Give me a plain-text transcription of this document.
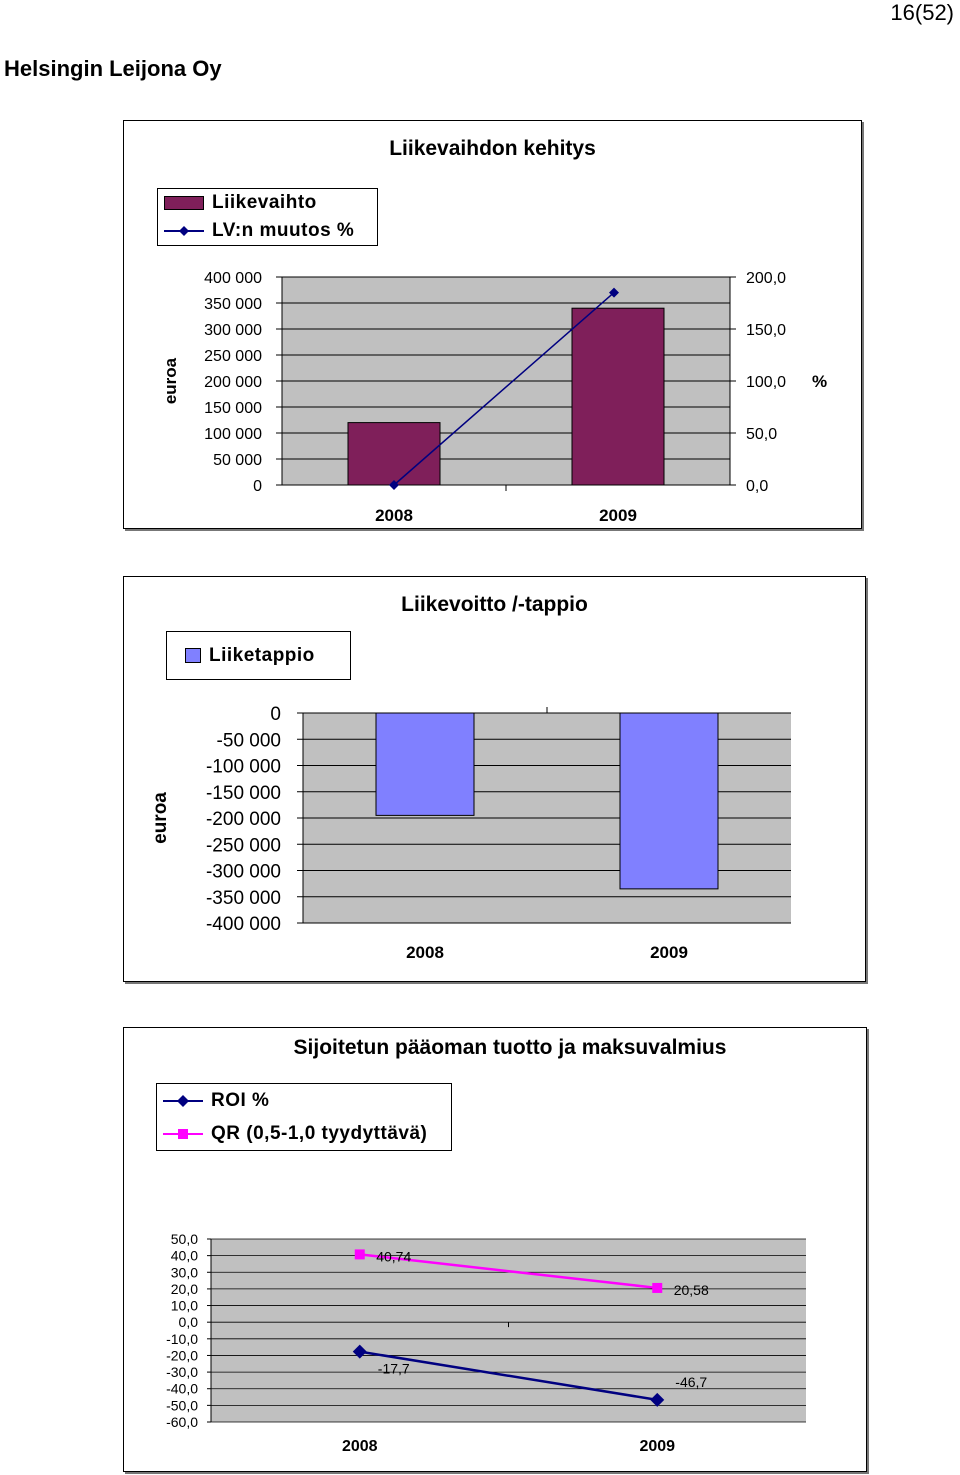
16(52)
Helsingin Leijona Oy
Liikevaihdon kehitys
Liikevaihto
LV:n muutos %
0
50 000
100 000
150 000
200 000
250 000
300 000
350 000
400 000
0,0
50,0
100,0
150,0
200,0
2008	2009
euroa	%
Liikevoitto /-tappio
Liiketappio
0
-50 000
-100 000
-150 000
-200 000
-250 000
-300 000
-350 000
-400 000
2008	2009
euroa
Sijoitetun pääoman tuotto ja maksuvalmius
ROI %
QR (0,5-1,0 tyydyttävä)
50,0
40,0
30,0
20,0
10,0
0,0
-10,0
-20,0
-30,0
-40,0
-50,0
-60,0
2008	2009
-17,7
-46,7
40,74
20,58
